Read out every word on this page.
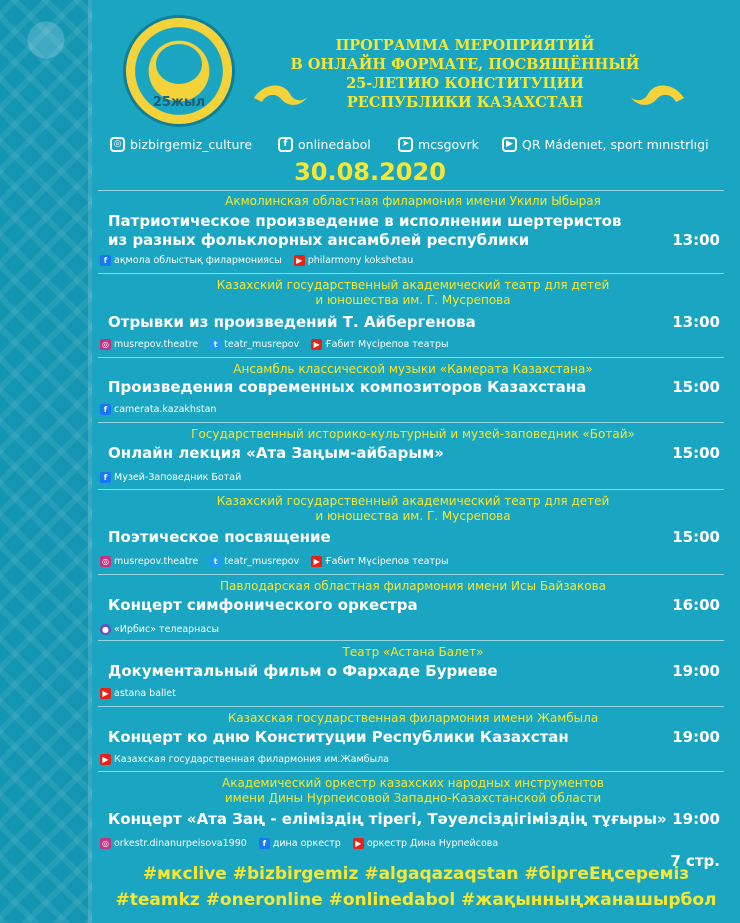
25жыл
ПРОГРАММА МЕРОПРИЯТИЙ
В ОНЛАЙН ФОРМАТЕ, ПОСВЯЩЁННЫЙ
25-ЛЕТИЮ КОНСТИТУЦИИ
РЕСПУБЛИКИ КАЗАХСТАН
◎ bizbirgemiz_culture	f onlinedabol	➤ mcsgovrk	▶ QR Mádenıet, sport mınıstrlıgi
30.08.2020
Акмолинская областная филармония имени Укили Ыбырая
Патриотическое произведение в исполнении шертеристов
из разных фольклорных ансамблей республики	13:00
f ақмола облыстық филармониясы	▶ philarmony kokshetau
Казахский государственный академический театр для детей
и юношества им. Г. Мусрепова
Отрывки из произведений Т. Айбергенова	13:00
◎ musrepov.theatre	t teatr_musrepov	▶ Ғабит Мүсірепов театры
Ансамбль классической музыки «Камерата Казахстана»
Произведения современных композиторов Казахстана	15:00
f camerata.kazakhstan
Государственный историко-культурный и музей-заповедник «Ботай»
Онлайн лекция «Ата Заңым-айбарым»	15:00
f Музей-Заповедник Ботай
Казахский государственный академический театр для детей
и юношества им. Г. Мусрепова
Поэтическое посвящение	15:00
◎ musrepov.theatre	t teatr_musrepov	▶ Ғабит Мүсірепов театры
Павлодарская областная филармония имени Исы Байзакова
Концерт симфонического оркестра	16:00
● «Ирбис» телеарнасы
Театр «Астана Балет»
Документальный фильм о Фархаде Буриеве	19:00
▶ astana ballet
Казахская государственная филармония имени Жамбыла
Концерт ко дню Конституции Республики Казахстан	19:00
▶ Казахская государственная филармония им.Жамбыла
Академический оркестр казахских народных инструментов
имени Дины Нурпеисовой Западно-Казахстанской области
Концерт «Ата Заң - еліміздің тірегі, Тәуелсіздігіміздің тұғыры» 19:00
◎ orkestr.dinanurpeisova1990	f дина оркестр	▶ оркестр Дина Нурпейсова
7 стр.
#мкclive #bizbirgemiz #algaqazaqstan #бірге​Еңсереміз
#teamkz #oneronline #onlinedabol #жақынныңжанашырбол
